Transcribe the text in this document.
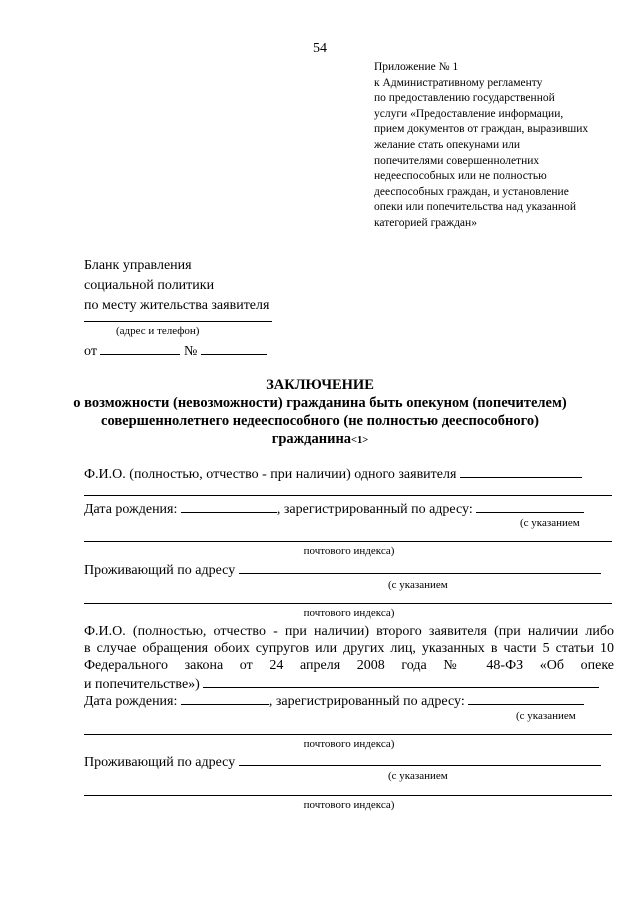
54
Приложение № 1
к Административному регламенту
по предоставлению государственной
услуги «Предоставление информации,
прием документов от граждан, выразивших
желание стать опекунами или
попечителями совершеннолетних
недееспособных или не полностью
дееспособных граждан, и установление
опеки или попечительства над указанной
категорией граждан»
Бланк управления
социальной политики
по месту жительства заявителя
(адрес и телефон)
от	№
ЗАКЛЮЧЕНИЕ
о возможности (невозможности) гражданина быть опекуном (попечителем)
совершеннолетнего недееспособного (не полностью дееспособного)
гражданина<1>
Ф.И.О. (полностью, отчество - при наличии) одного заявителя
Дата рождения:	, зарегистрированный по адресу:
(с указанием
почтового индекса)
Проживающий по адресу
(с указанием
почтового индекса)
Ф.И.О. (полностью, отчество - при наличии) второго заявителя (при наличии либо
в случае обращения обоих супругов или других лиц, указанных в части 5 статьи 10
Федерального закона от 24 апреля 2008 года № 48-ФЗ «Об опеке
и попечительстве»)
Дата рождения:	, зарегистрированный по адресу:
(с указанием
почтового индекса)
Проживающий по адресу
(с указанием
почтового индекса)
